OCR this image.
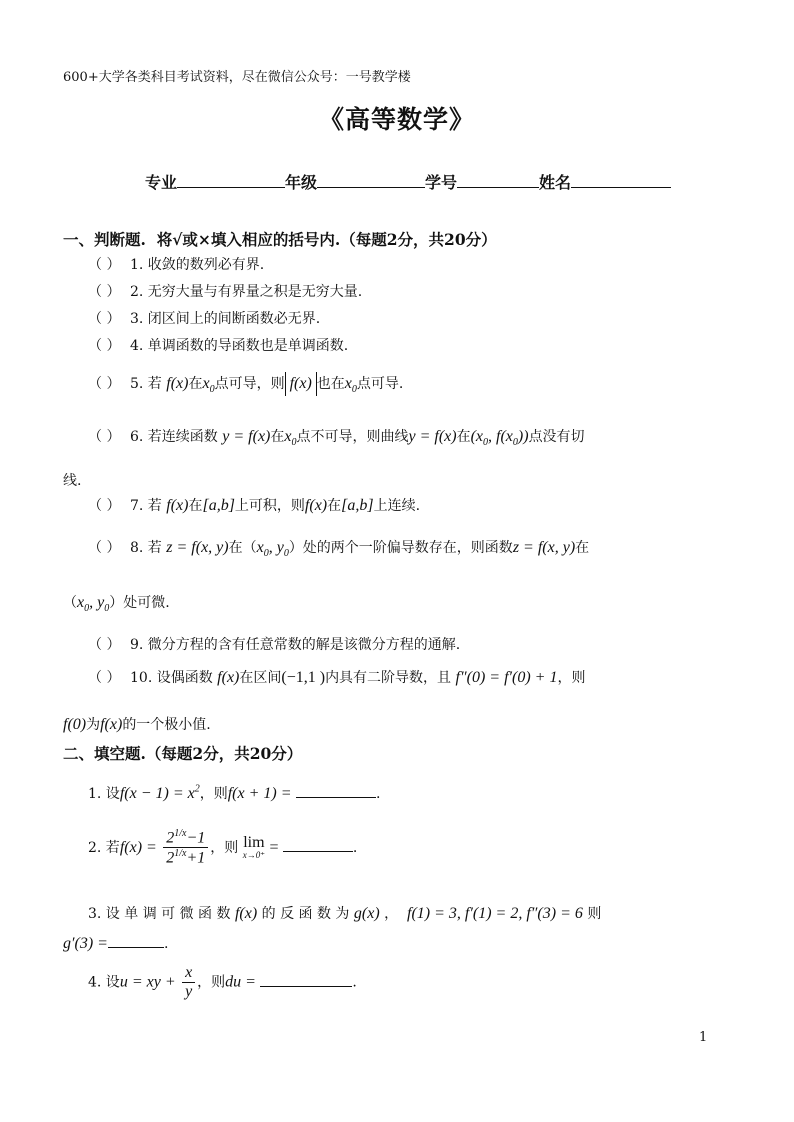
600+大学各类科目考试资料，尽在微信公众号：一号教学楼
《高等数学》
专业	年级	学号	姓名
一、判断题. 将√或×填入相应的括号内.（每题2分，共20分）
（ ） 1. 收敛的数列必有界.
（ ） 2. 无穷大量与有界量之积是无穷大量.
（ ） 3. 闭区间上的间断函数必无界.
（ ） 4. 单调函数的导函数也是单调函数.
（ ） 5. 若 f(x)在$x_0$点可导，则 f(x) 也在$x_0$点可导.
（ ） 6. 若连续函数 y = f(x)在$x_0$点不可导，则曲线y = f(x)在($x_0$, $f(x_0)$)点没有切
线.
（ ） 7. 若 f(x)在[a,b]上可积，则f(x)在[a,b]上连续.
（ ） 8. 若 z = f(x, y)在（$x_0$, $y_0$）处的两个一阶偏导数存在，则函数z = f(x, y)在
（$x_0$, $y_0$）处可微.
（ ） 9. 微分方程的含有任意常数的解是该微分方程的通解.
（ ） 10. 设偶函数 f(x)在区间(−1,1 )内具有二阶导数，且 f″(0) = f′(0) + 1，则
f(0)为f(x)的一个极小值.
二、填空题.（每题2分，共20分）
1. 设$f(x - 1) = x^2$，则f(x + 1) =	.
2. 若$f(x) = \frac{2^{1/x}-1}{2^{1/x}+1}$ ，则 lim
x→0⁺ =	.
3. 设 单 调 可 微 函 数 f(x) 的 反 函 数 为 g(x) ， f(1) = 3, f′(1) = 2, f″(3) = 6 则
g′(3) =	.
4. 设u = xy + $\frac{x}{y}$ ，则du =	.
1
